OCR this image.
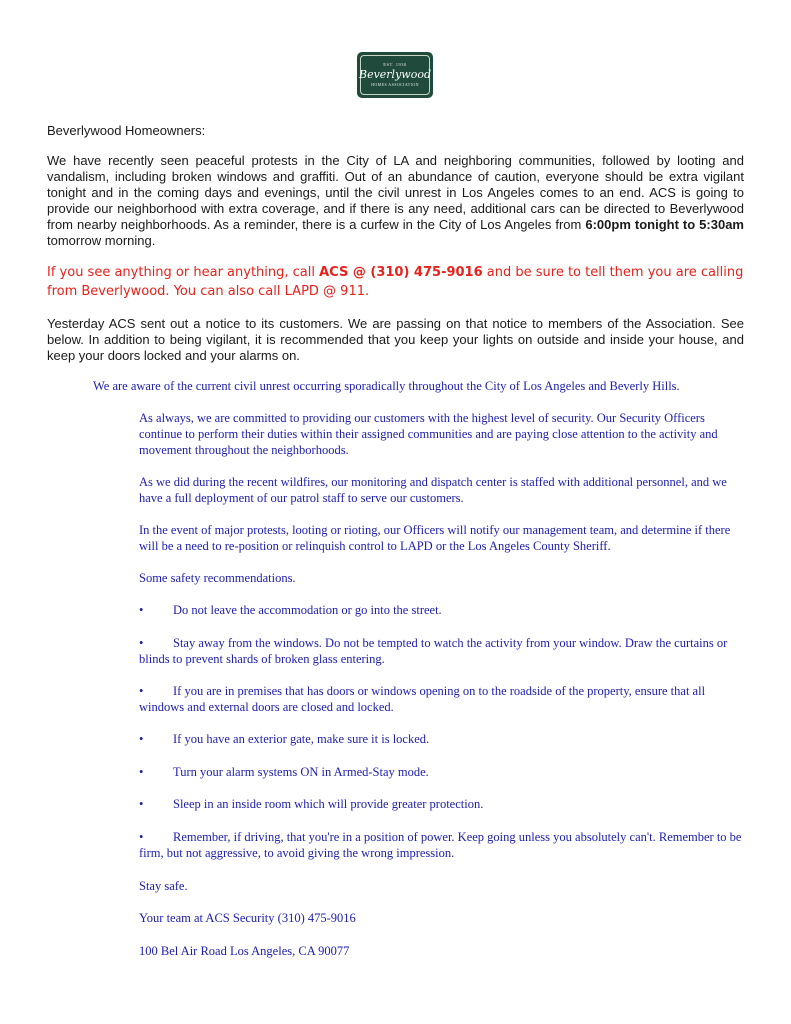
EST. 1930
Beverlywood
HOMES ASSOCIATION

Beverlywood Homeowners:

We have recently seen peaceful protests in the City of LA and neighboring communities, followed by looting and vandalism, including broken windows and graffiti. Out of an abundance of caution, everyone should be extra vigilant tonight and in the coming days and evenings, until the civil unrest in Los Angeles comes to an end. ACS is going to provide our neighborhood with extra coverage, and if there is any need, additional cars can be directed to Beverlywood from nearby neighborhoods. As a reminder, there is a curfew in the City of Los Angeles from 6:00pm tonight to 5:30am tomorrow morning.

If you see anything or hear anything, call ACS @ (310) 475-9016 and be sure to tell them you are calling from Beverlywood. You can also call LAPD @ 911.

Yesterday ACS sent out a notice to its customers. We are passing on that notice to members of the Association. See below. In addition to being vigilant, it is recommended that you keep your lights on outside and inside your house, and keep your doors locked and your alarms on.

We are aware of the current civil unrest occurring sporadically throughout the City of Los Angeles and Beverly Hills.

As always, we are committed to providing our customers with the highest level of security. Our Security Officers continue to perform their duties within their assigned communities and are paying close attention to the activity and movement throughout the neighborhoods.

As we did during the recent wildfires, our monitoring and dispatch center is staffed with additional personnel, and we have a full deployment of our patrol staff to serve our customers.

In the event of major protests, looting or rioting, our Officers will notify our management team, and determine if there will be a need to re-position or relinquish control to LAPD or the Los Angeles County Sheriff.

Some safety recommendations.

• Do not leave the accommodation or go into the street.

• Stay away from the windows. Do not be tempted to watch the activity from your window. Draw the curtains or blinds to prevent shards of broken glass entering.

• If you are in premises that has doors or windows opening on to the roadside of the property, ensure that all windows and external doors are closed and locked.

• If you have an exterior gate, make sure it is locked.

• Turn your alarm systems ON in Armed-Stay mode.

• Sleep in an inside room which will provide greater protection.

• Remember, if driving, that you're in a position of power. Keep going unless you absolutely can't. Remember to be firm, but not aggressive, to avoid giving the wrong impression.

Stay safe.

Your team at ACS Security (310) 475-9016

100 Bel Air Road Los Angeles, CA 90077
